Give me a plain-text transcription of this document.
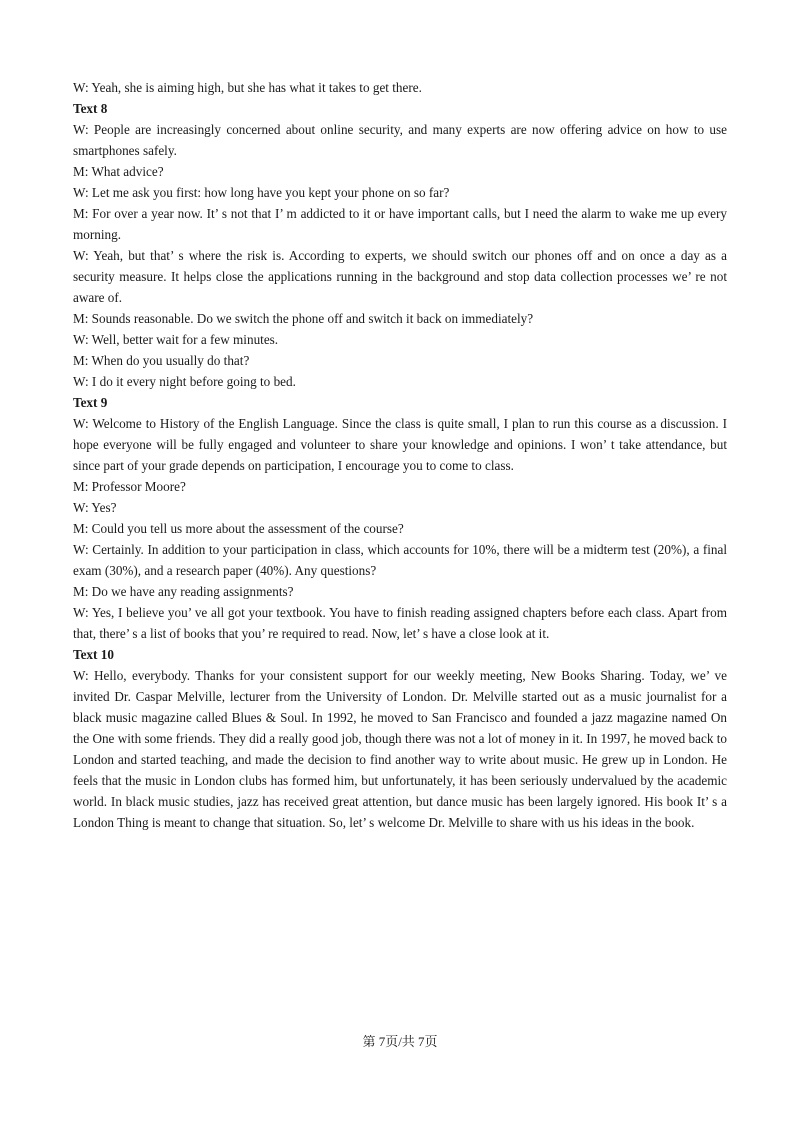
W: Yeah, she is aiming high, but she has what it takes to get there.

Text 8

W: People are increasingly concerned about online security, and many experts are now offering advice on how to use smartphones safely.

M: What advice?

W: Let me ask you first: how long have you kept your phone on so far?

M: For over a year now. It’ s not that I’ m addicted to it or have important calls, but I need the alarm to wake me up every morning.

W: Yeah, but that’ s where the risk is. According to experts, we should switch our phones off and on once a day as a security measure. It helps close the applications running in the background and stop data collection processes we’ re not aware of.

M: Sounds reasonable. Do we switch the phone off and switch it back on immediately?

W: Well, better wait for a few minutes.

M: When do you usually do that?

W: I do it every night before going to bed.

Text 9

W: Welcome to History of the English Language. Since the class is quite small, I plan to run this course as a discussion. I hope everyone will be fully engaged and volunteer to share your knowledge and opinions. I won’ t take attendance, but since part of your grade depends on participation, I encourage you to come to class.

M: Professor Moore?

W: Yes?

M: Could you tell us more about the assessment of the course?

W: Certainly. In addition to your participation in class, which accounts for 10%, there will be a midterm test (20%), a final exam (30%), and a research paper (40%). Any questions?

M: Do we have any reading assignments?

W: Yes, I believe you’ ve all got your textbook. You have to finish reading assigned chapters before each class. Apart from that, there’ s a list of books that you’ re required to read. Now, let’ s have a close look at it.

Text 10

W: Hello, everybody. Thanks for your consistent support for our weekly meeting, New Books Sharing. Today, we’ ve invited Dr. Caspar Melville, lecturer from the University of London. Dr. Melville started out as a music journalist for a black music magazine called Blues & Soul. In 1992, he moved to San Francisco and founded a jazz magazine named On the One with some friends. They did a really good job, though there was not a lot of money in it. In 1997, he moved back to London and started teaching, and made the decision to find another way to write about music. He grew up in London. He feels that the music in London clubs has formed him, but unfortunately, it has been seriously undervalued by the academic world. In black music studies, jazz has received great attention, but dance music has been largely ignored. His book It’ s a London Thing is meant to change that situation. So, let’ s welcome Dr. Melville to share with us his ideas in the book.

第 7页/共 7页
